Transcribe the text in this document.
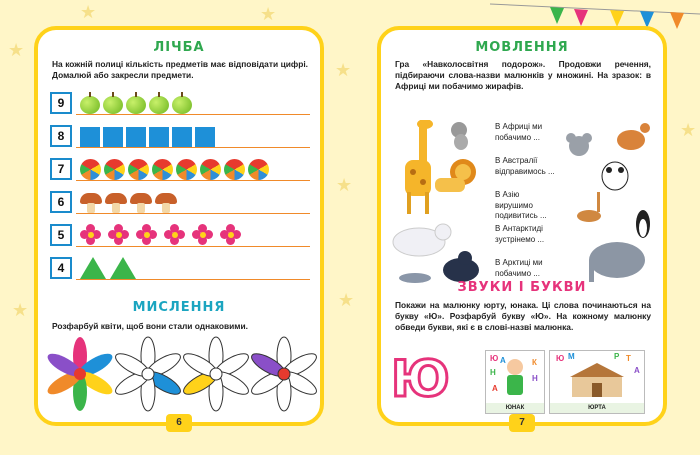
★
★
★
★
★
★
★	★
ЛІЧБА
На кожній полиці кількість предметів має відповідати цифрі. Домалюй або закресли предмети.
9
8
7
6
5
4
МИСЛЕННЯ
Розфарбуй квіти, щоб вони стали однаковими.
6
МОВЛЕННЯ
Гра «Навколосвітня подорож». Продовжи речення, підбираючи слова-назви малюнків у множині. На зразок: в Африці ми побачимо жирафів.
В Африці ми побачимо ...
В Австралії відправимось ...
В Азію вирушимо подивитись ...
В Антарктиді зустрінемо ...
В Арктиці ми побачимо ...
ЗВУКИ І БУКВИ
Покажи на малюнку юрту, юнака. Ці слова починаються на букву «Ю». Розфарбуй букву «Ю». На кожному малюнку обведи букви, які є в слові-назві малюнка.
Ю	Ю А
Н
К
Н
А
ЮНАК
Ю М	Р Т
А
ЮРТА
7
